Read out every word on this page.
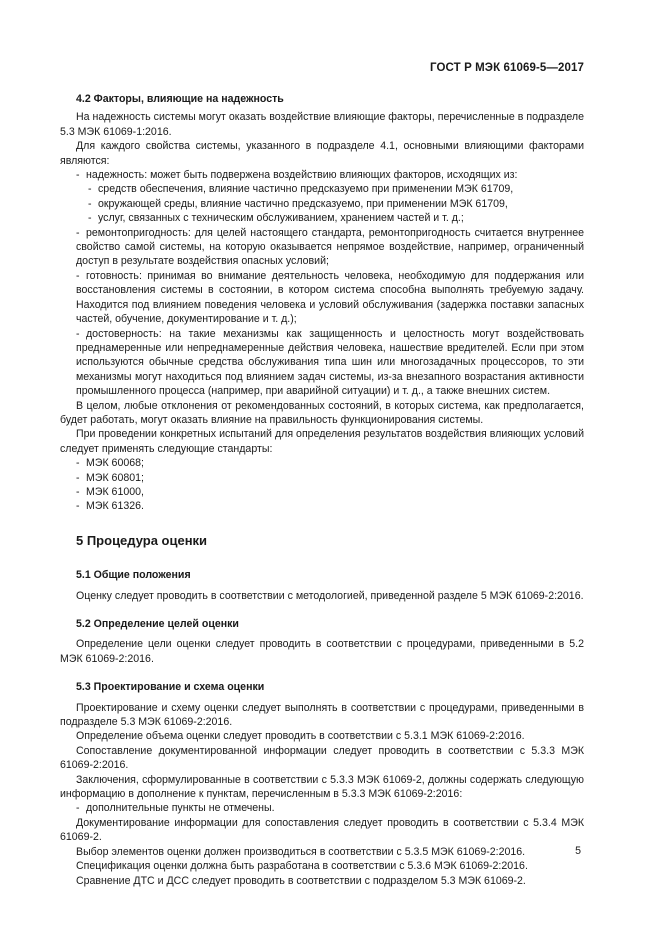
ГОСТ Р МЭК 61069-5—2017
4.2 Факторы, влияющие на надежность

На надежность системы могут оказать воздействие влияющие факторы, перечисленные в подразделе 5.3 МЭК 61069-1:2016.

Для каждого свойства системы, указанного в подразделе 4.1, основными влияющими факторами являются:

- надежность: может быть подвержена воздействию влияющих факторов, исходящих из:

- средств обеспечения, влияние частично предсказуемо при применении МЭК 61709,

- окружающей среды, влияние частично предсказуемо, при применении МЭК 61709,

- услуг, связанных с техническим обслуживанием, хранением частей и т. д.;

- ремонтопригодность: для целей настоящего стандарта, ремонтопригодность считается внутреннее свойство самой системы, на которую оказывается непрямое воздействие, например, ограниченный доступ в результате воздействия опасных условий;

- готовность: принимая во внимание деятельность человека, необходимую для поддержания или восстановления системы в состоянии, в котором система способна выполнять требуемую задачу. Находится под влиянием поведения человека и условий обслуживания (задержка поставки запасных частей, обучение, документирование и т. д.);

- достоверность: на такие механизмы как защищенность и целостность могут воздействовать преднамеренные или непреднамеренные действия человека, нашествие вредителей. Если при этом используются обычные средства обслуживания типа шин или многозадачных процессоров, то эти механизмы могут находиться под влиянием задач системы, из-за внезапного возрастания активности промышленного процесса (например, при аварийной ситуации) и т. д., а также внешних систем.

В целом, любые отклонения от рекомендованных состояний, в которых система, как предполагается, будет работать, могут оказать влияние на правильность функционирования системы.

При проведении конкретных испытаний для определения результатов воздействия влияющих условий следует применять следующие стандарты:

- МЭК 60068;

- МЭК 60801;

- МЭК 61000,

- МЭК 61326.

5 Процедура оценки
5.1 Общие положения

Оценку следует проводить в соответствии с методологией, приведенной разделе 5 МЭК 61069-2:2016.

5.2 Определение целей оценки

Определение цели оценки следует проводить в соответствии с процедурами, приведенными в 5.2 МЭК 61069-2:2016.

5.3 Проектирование и схема оценки

Проектирование и схему оценки следует выполнять в соответствии с процедурами, приведенными в подразделе 5.3 МЭК 61069-2:2016.

Определение объема оценки следует проводить в соответствии с 5.3.1 МЭК 61069-2:2016.

Сопоставление документированной информации следует проводить в соответствии с 5.3.3 МЭК 61069-2:2016.

Заключения, сформулированные в соответствии с 5.3.3 МЭК 61069-2, должны содержать следующую информацию в дополнение к пунктам, перечисленным в 5.3.3 МЭК 61069-2:2016:

- дополнительные пункты не отмечены.

Документирование информации для сопоставления следует проводить в соответствии с 5.3.4 МЭК 61069-2.

Выбор элементов оценки должен производиться в соответствии с 5.3.5 МЭК 61069-2:2016.

Спецификация оценки должна быть разработана в соответствии с 5.3.6 МЭК 61069-2:2016.

Сравнение ДТС и ДСС следует проводить в соответствии с подразделом 5.3 МЭК 61069-2.

5
